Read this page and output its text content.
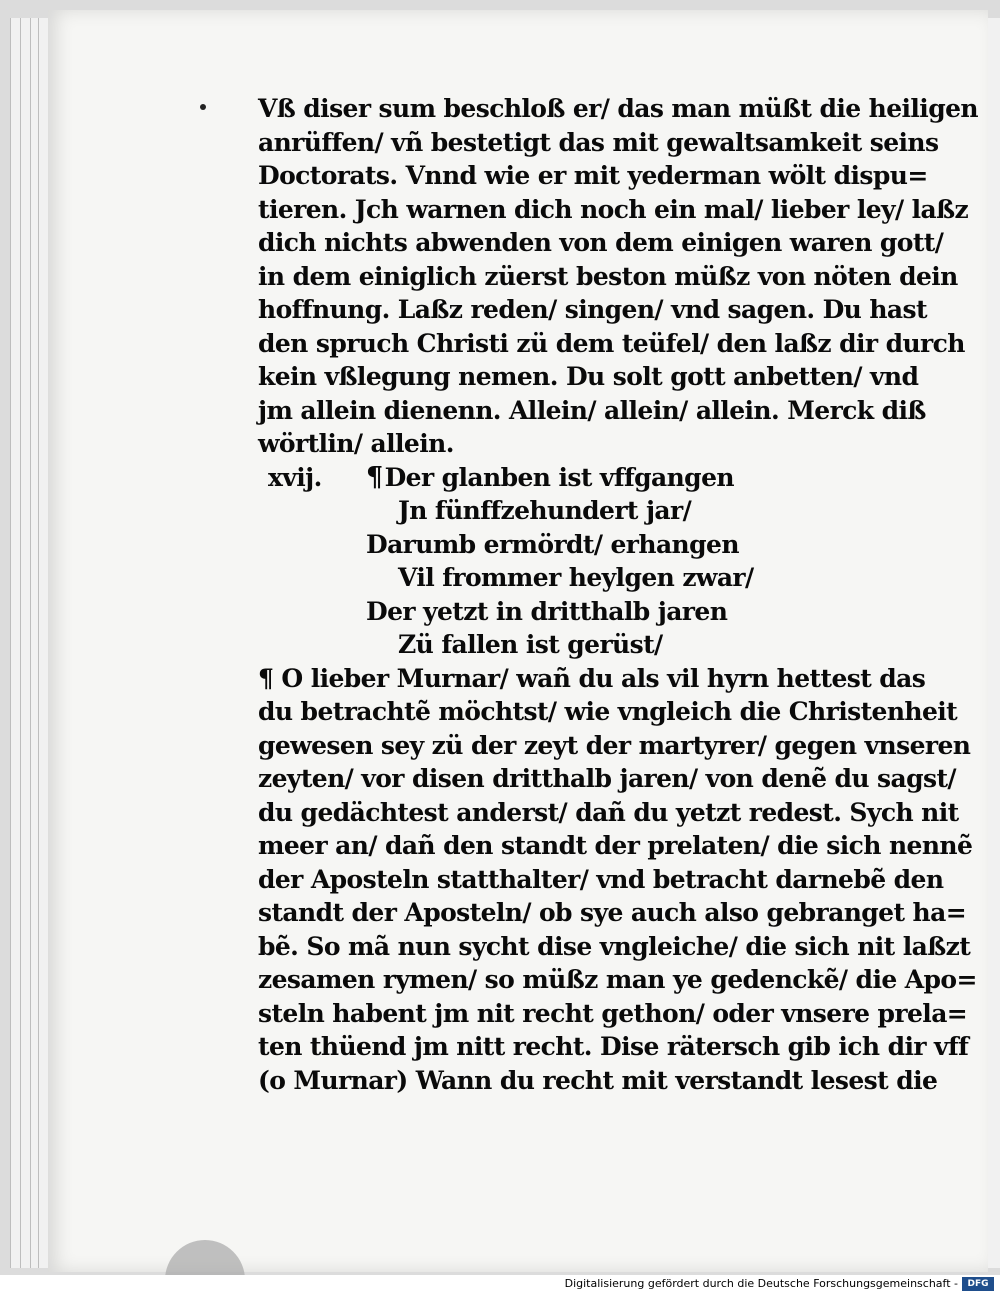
Vß diser sum beschloß er/ das man müßt die heiligen
anrüffen/ vñ bestetigt das mit gewaltsamkeit seins
Doctorats. Vnnd wie er mit yederman wölt dispu=
tieren. Jch warnen dich noch ein mal/ lieber ley/ laßz
dich nichts abwenden von dem einigen waren gott/
in dem einiglich züerst beston müßz von nöten dein
hoffnung. Laßz reden/ singen/ vnd sagen. Du hast
den spruch Christi zü dem teüfel/ den laßz dir durch
kein vßlegung nemen. Du solt gott anbetten/ vnd
jm allein dienenn. Allein/ allein/ allein. Merck diß
wörtlin/ allein.
xvij. ¶Der glanben ist vffgangen
Jn fünffzehundert jar/
Darumb ermördt/ erhangen
Vil frommer heylgen zwar/
Der yetzt in dritthalb jaren
Zü fallen ist gerüst/
¶ O lieber Murnar/ wañ du als vil hyrn hettest das
du betrachtẽ möchtst/ wie vngleich die Christenheit
gewesen sey zü der zeyt der martyrer/ gegen vnseren
zeyten/ vor disen dritthalb jaren/ von denẽ du sagst/
du gedächtest anderst/ dañ du yetzt redest. Sych nit
meer an/ dañ den standt der prelaten/ die sich nennẽ
der Aposteln statthalter/ vnd betracht darnebẽ den
standt der Aposteln/ ob sye auch also gebranget ha=
bẽ. So mã nun sycht dise vngleiche/ die sich nit laßzt
zesamen rymen/ so müßz man ye gedenckẽ/ die Apo=
steln habent jm nit recht gethon/ oder vnsere prela=
ten thüend jm nitt recht. Dise rätersch gib ich dir vff
(o Murnar) Wann du recht mit verstandt lesest die
Digitalisierung gefördert durch die Deutsche Forschungsgemeinschaft -	DFG
